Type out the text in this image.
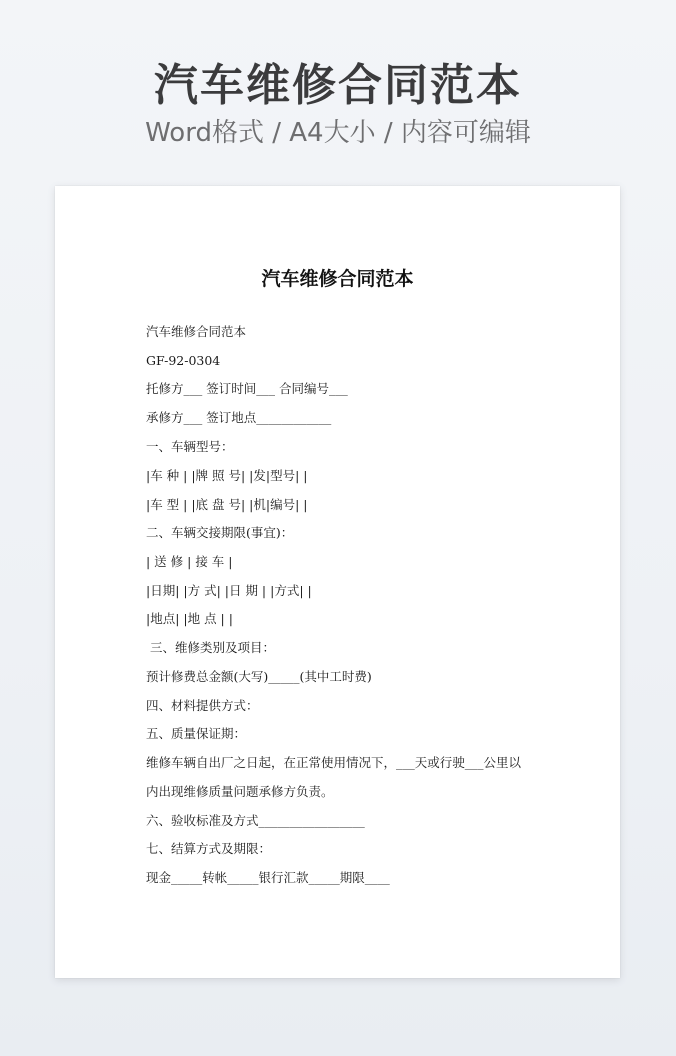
汽车维修合同范本
Word格式 / A4大小 / 内容可编辑
汽车维修合同范本
汽车维修合同范本
GF-92-0304
托修方___ 签订时间___ 合同编号___
承修方___ 签订地点____________
一、车辆型号：
|车 种 | |牌 照 号| |发|型号| |
|车 型 | |底 盘 号| |机|编号| |
二、车辆交接期限(事宜)：
| 送 修 | 接 车 |
|日期| |方 式| |日 期 | |方式| |
|地点| |地 点 | |
三、维修类别及项目：
预计修费总金额(大写)_____(其中工时费)
四、材料提供方式：
五、质量保证期：
维修车辆自出厂之日起，在正常使用情况下，___天或行驶___公里以
内出现维修质量问题承修方负责。
六、验收标准及方式_________________
七、结算方式及期限：
现金_____转帐_____银行汇款_____期限____
